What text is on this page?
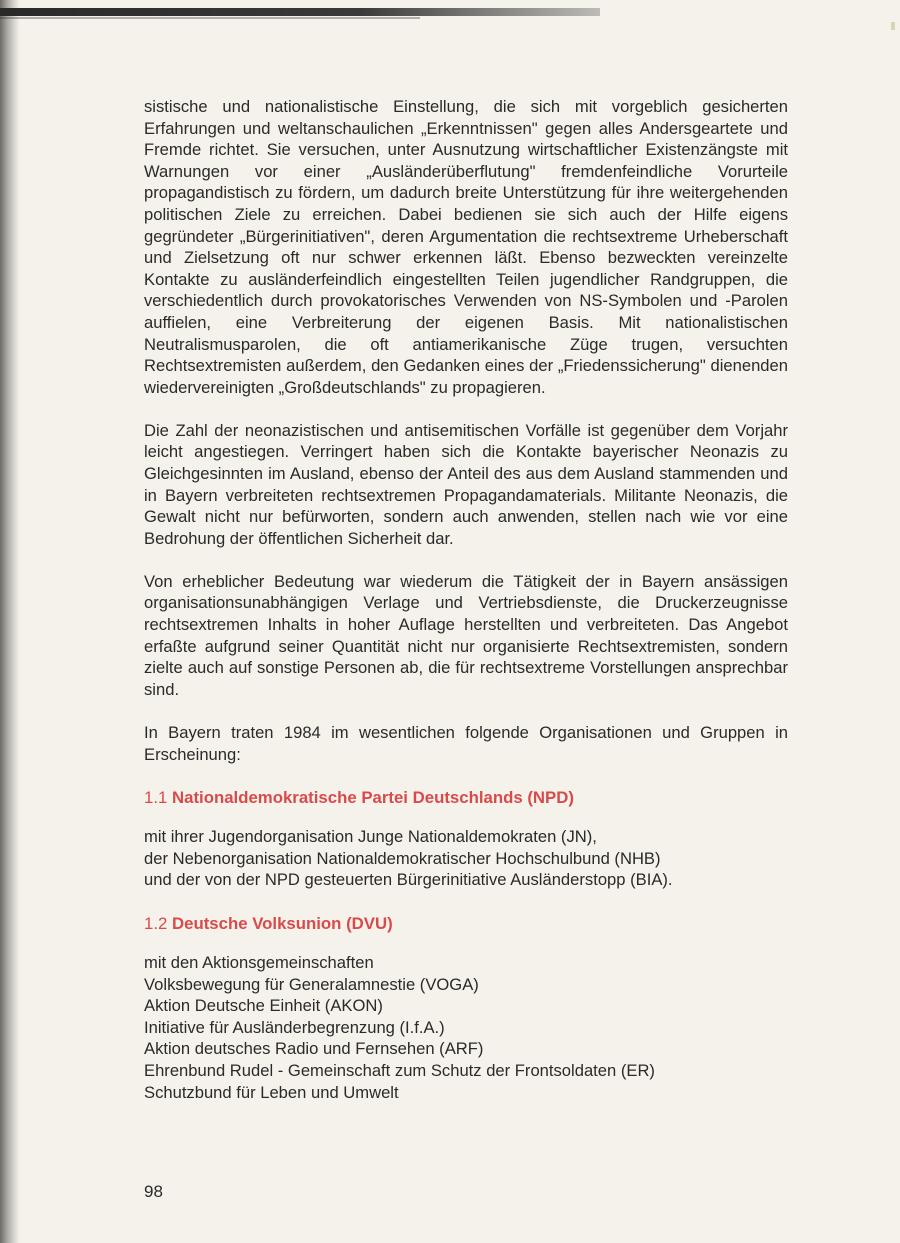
sistische und nationalistische Einstellung, die sich mit vorgeblich gesicherten Erfahrungen und weltanschaulichen „Erkenntnissen" gegen alles Andersgeartete und Fremde richtet. Sie versuchen, unter Ausnutzung wirtschaftlicher Existenzängste mit Warnungen vor einer „Ausländerüberflutung" fremdenfeindliche Vorurteile propagandistisch zu fördern, um dadurch breite Unterstützung für ihre weitergehenden politischen Ziele zu erreichen. Dabei bedienen sie sich auch der Hilfe eigens gegründeter „Bürgerinitiativen", deren Argumentation die rechtsextreme Urheberschaft und Zielsetzung oft nur schwer erkennen läßt. Ebenso bezweckten vereinzelte Kontakte zu ausländerfeindlich eingestellten Teilen jugendlicher Randgruppen, die verschiedentlich durch provokatorisches Verwenden von NS-Symbolen und -Parolen auffielen, eine Verbreiterung der eigenen Basis. Mit nationalistischen Neutralismusparolen, die oft antiamerikanische Züge trugen, versuchten Rechtsextremisten außerdem, den Gedanken eines der „Friedenssicherung" dienenden wiedervereinigten „Großdeutschlands" zu propagieren.

Die Zahl der neonazistischen und antisemitischen Vorfälle ist gegenüber dem Vorjahr leicht angestiegen. Verringert haben sich die Kontakte bayerischer Neonazis zu Gleichgesinnten im Ausland, ebenso der Anteil des aus dem Ausland stammenden und in Bayern verbreiteten rechtsextremen Propagandamaterials. Militante Neonazis, die Gewalt nicht nur befürworten, sondern auch anwenden, stellen nach wie vor eine Bedrohung der öffentlichen Sicherheit dar.

Von erheblicher Bedeutung war wiederum die Tätigkeit der in Bayern ansässigen organisationsunabhängigen Verlage und Vertriebsdienste, die Druckerzeugnisse rechtsextremen Inhalts in hoher Auflage herstellten und verbreiteten. Das Angebot erfaßte aufgrund seiner Quantität nicht nur organisierte Rechtsextremisten, sondern zielte auch auf sonstige Personen ab, die für rechtsextreme Vorstellungen ansprechbar sind.

In Bayern traten 1984 im wesentlichen folgende Organisationen und Gruppen in Erscheinung:

1.1 Nationaldemokratische Partei Deutschlands (NPD)

mit ihrer Jugendorganisation Junge Nationaldemokraten (JN),
der Nebenorganisation Nationaldemokratischer Hochschulbund (NHB)
und der von der NPD gesteuerten Bürgerinitiative Ausländerstopp (BIA).

1.2 Deutsche Volksunion (DVU)

mit den Aktionsgemeinschaften
Volksbewegung für Generalamnestie (VOGA)
Aktion Deutsche Einheit (AKON)
Initiative für Ausländerbegrenzung (I.f.A.)
Aktion deutsches Radio und Fernsehen (ARF)
Ehrenbund Rudel - Gemeinschaft zum Schutz der Frontsoldaten (ER)
Schutzbund für Leben und Umwelt

98
